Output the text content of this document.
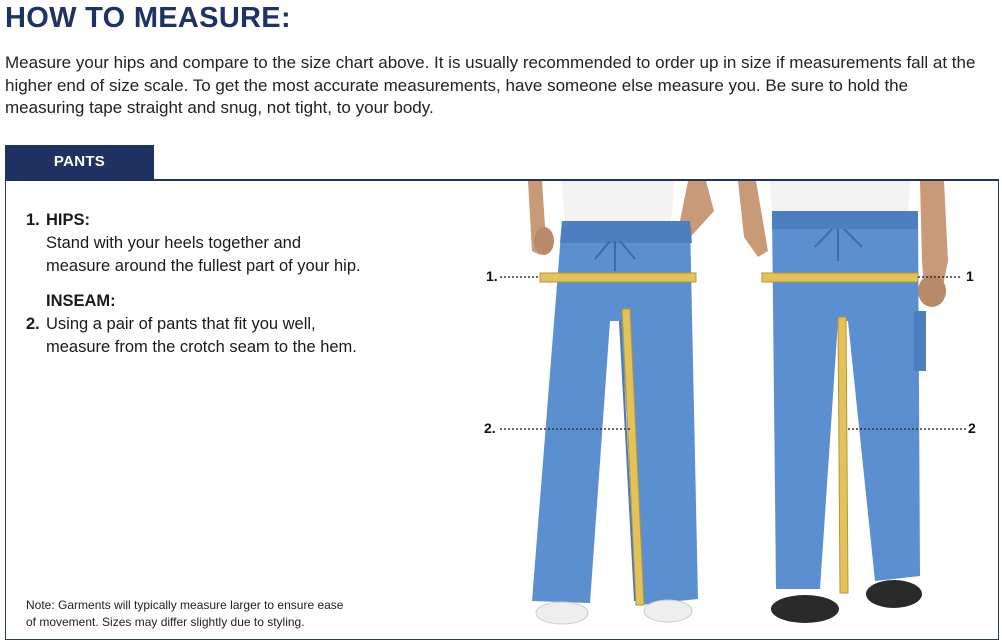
HOW TO MEASURE:
Measure your hips and compare to the size chart above. It is usually recommended to order up in size if measurements fall at the higher end of size scale. To get the most accurate measurements, have someone else measure you. Be sure to hold the measuring tape straight and snug, not tight, to your body.
PANTS
1. HIPS:
Stand with your heels together and
measure around the fullest part of your hip.
INSEAM:
2. Using a pair of pants that fit you well,
measure from the crotch seam to the hem.
Note: Garments will typically measure larger to ensure ease
of movement. Sizes may differ slightly due to styling.
1.	1
2.	2
